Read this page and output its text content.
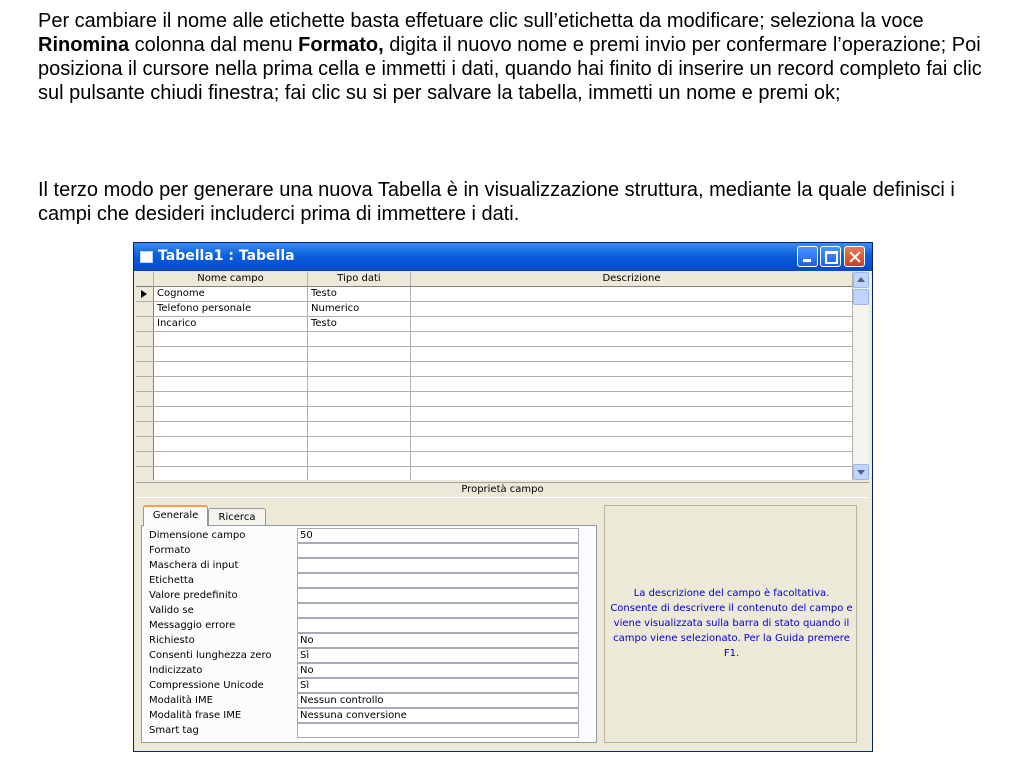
Per cambiare il nome alle etichette basta effetuare clic sull’etichetta da modificare; seleziona la voce Rinomina colonna dal menu Formato, digita il nuovo nome e premi invio per confermare l’operazione; Poi posiziona il cursore nella prima cella e immetti i dati, quando hai finito di inserire un record completo fai clic sul pulsante chiudi finestra; fai clic su si per salvare la tabella, immetti un nome e premi ok;

Il terzo modo per generare una nuova Tabella è in visualizzazione struttura, mediante la quale definisci i campi che desideri includerci prima di immettere i dati.

Tabella1 : Tabella
Nome campo	Tipo dati	Descrizione
Cognome	Testo
Telefono personale	Numerico
Incarico	Testo
Proprietà campo
Generale	Ricerca
Dimensione campo	50
Formato
Maschera di input
Etichetta
Valore predefinito
Valido se
Messaggio errore
Richiesto	No
Consenti lunghezza zero	Sì
Indicizzato	No
Compressione Unicode	Sì
Modalità IME	Nessun controllo
Modalità frase IME	Nessuna conversione
Smart tag
La descrizione del campo è facoltativa. Consente di descrivere il contenuto del campo e viene visualizzata sulla barra di stato quando il campo viene selezionato. Per la Guida premere F1.
